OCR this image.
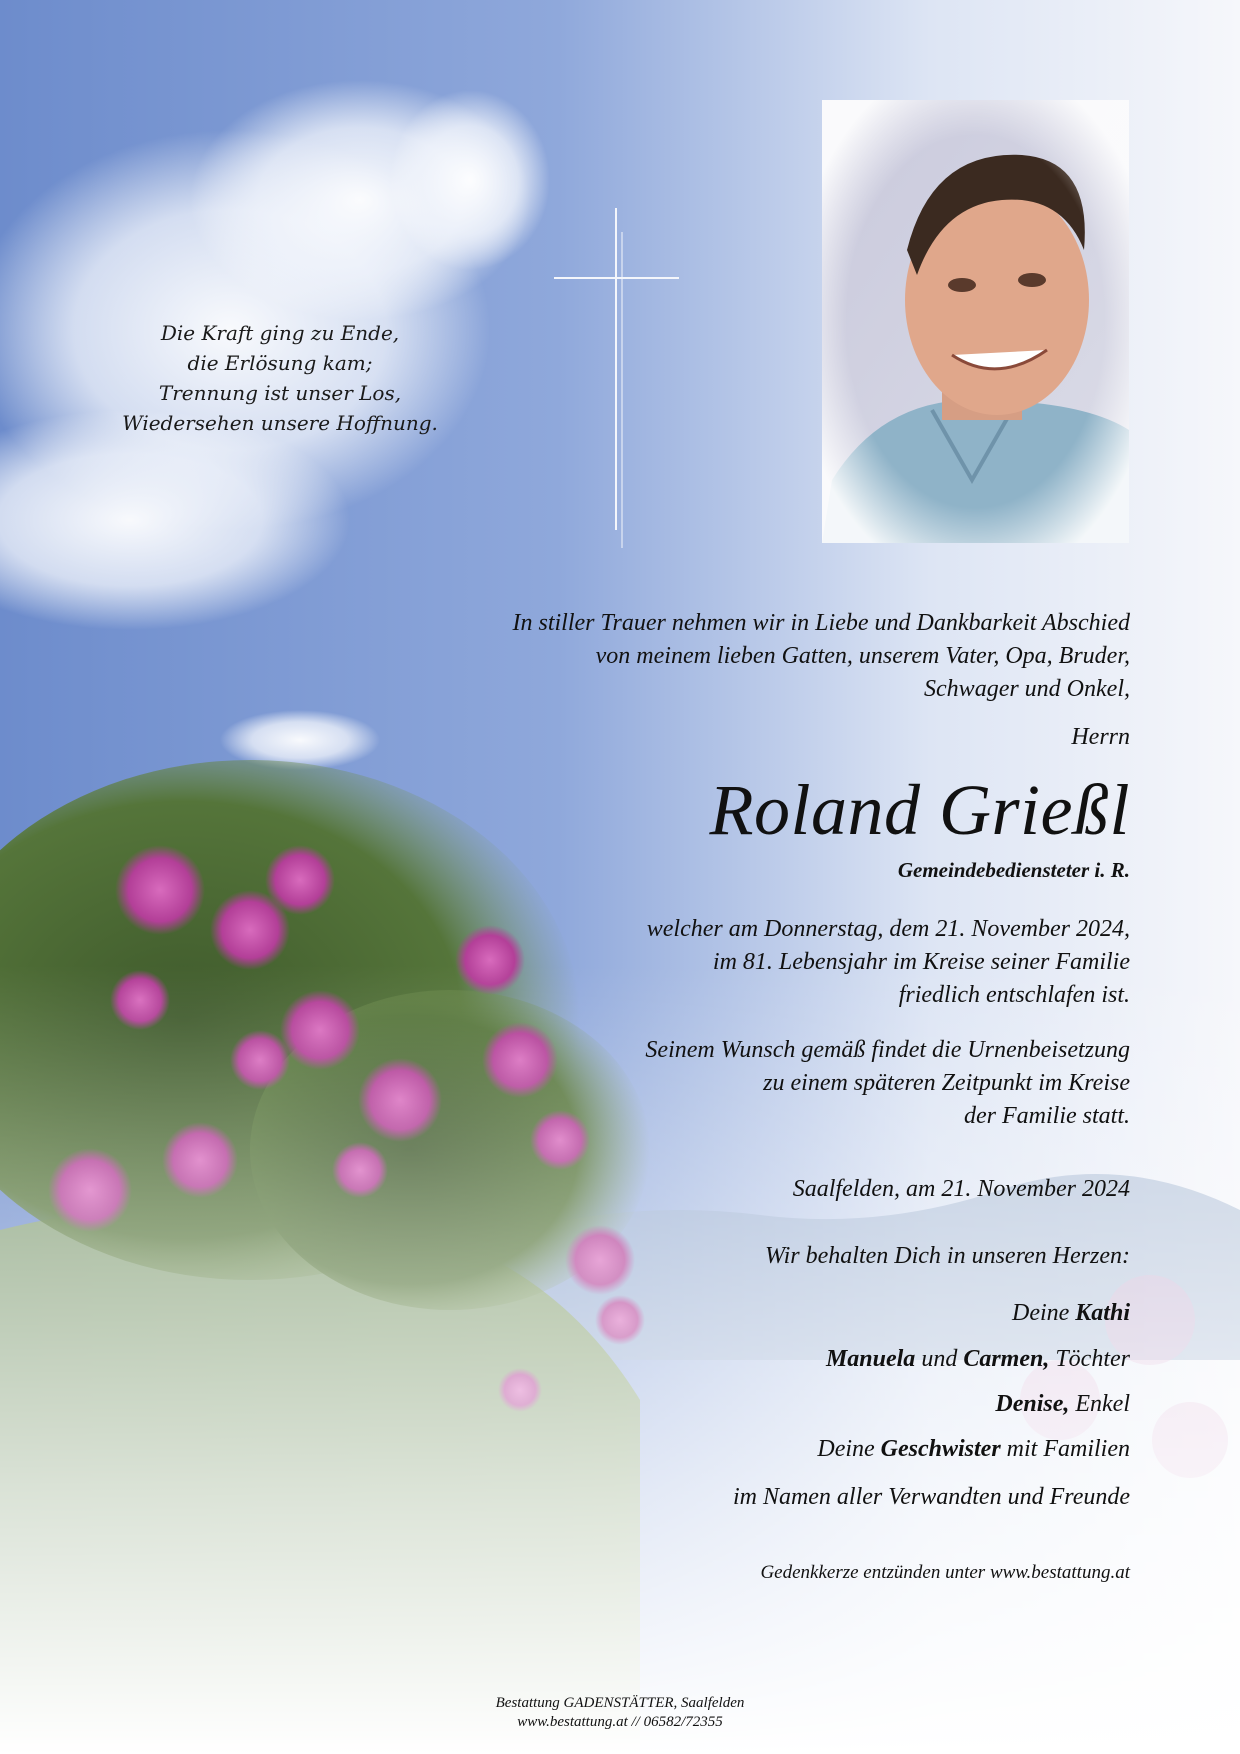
Die Kraft ging zu Ende,
die Erlösung kam;
Trennung ist unser Los,
Wiedersehen unsere Hoffnung.
In stiller Trauer nehmen wir in Liebe und Dankbarkeit Abschied
von meinem lieben Gatten, unserem Vater, Opa, Bruder,
Schwager und Onkel,
Herrn
Roland Grießl
Gemeindebediensteter i. R.
welcher am Donnerstag, dem 21. November 2024,
im 81. Lebensjahr im Kreise seiner Familie
friedlich entschlafen ist.
Seinem Wunsch gemäß findet die Urnenbeisetzung
zu einem späteren Zeitpunkt im Kreise
der Familie statt.
Saalfelden, am 21. November 2024
Wir behalten Dich in unseren Herzen:
Deine Kathi
Manuela und Carmen, Töchter
Denise, Enkel
Deine Geschwister mit Familien
im Namen aller Verwandten und Freunde
Gedenkkerze entzünden unter www.bestattung.at
Bestattung GADENSTÄTTER, Saalfelden
www.bestattung.at // 06582/72355
